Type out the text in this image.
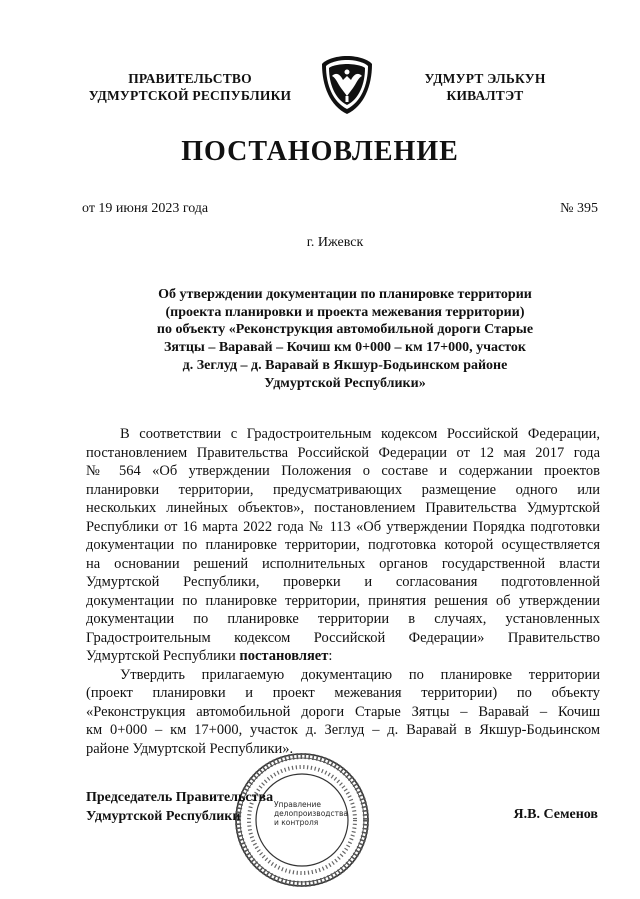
ПРАВИТЕЛЬСТВО
УДМУРТСКОЙ РЕСПУБЛИКИ
УДМУРТ ЭЛЬКУН
КИВАЛТЭТ
ПОСТАНОВЛЕНИЕ
от 19 июня 2023 года	№ 395
г. Ижевск
Об утверждении документации по планировке территории
(проекта планировки и проекта межевания территории)
по объекту «Реконструкция автомобильной дороги Старые
Зятцы – Варавай – Кочиш км 0+000 – км 17+000, участок
д. Зеглуд – д. Варавай в Якшур-Бодьинском районе
Удмуртской Республики»
В соответствии с Градостроительным кодексом Российской Федерации,
постановлением Правительства Российской Федерации от 12 мая 2017 года
№ 564 «Об утверждении Положения о составе и содержании проектов
планировки территории, предусматривающих размещение одного или
нескольких линейных объектов», постановлением Правительства Удмуртской
Республики от 16 марта 2022 года № 113 «Об утверждении Порядка подготовки
документации по планировке территории, подготовка которой осуществляется
на основании решений исполнительных органов государственной власти
Удмуртской Республики, проверки и согласования подготовленной
документации по планировке территории, принятия решения об утверждении
документации по планировке территории в случаях, установленных
Градостроительным кодексом Российской Федерации» Правительство
Удмуртской Республики постановляет:
Утвердить прилагаемую документацию по планировке территории
(проект планировки и проект межевания территории) по объекту
«Реконструкция автомобильной дороги Старые Зятцы – Варавай – Кочиш
км 0+000 – км 17+000, участок д. Зеглуд – д. Варавай в Якшур-Бодьинском
районе Удмуртской Республики».
Управление
делопроизводства
и контроля
Председатель Правительства
Удмуртской Республики	Я.В. Семенов
